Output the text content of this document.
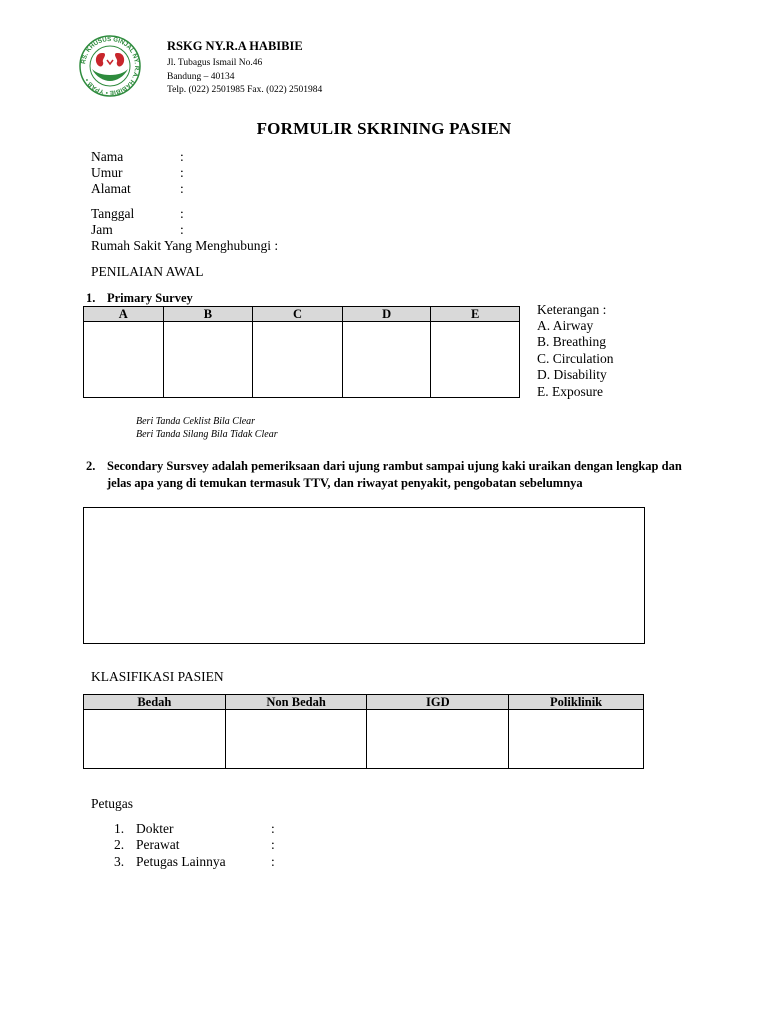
RS. KHUSUS GINJAL NY. R.A. HABIBIE • YPAB •
RSKG NY.R.A HABIBIE
Jl. Tubagus Ismail No.46
Bandung – 40134
Telp. (022) 2501985 Fax. (022) 2501984
FORMULIR SKRINING PASIEN
Nama	:
Umur	:
Alamat	:
Tanggal	:
Jam	:
Rumah Sakit Yang Menghubungi :
PENILAIAN AWAL
1. Primary Survey
A	B	C	D	E
					Keterangan :
A. Airway
B. Breathing
C. Circulation
D. Disability
E. Exposure
Beri Tanda Ceklist Bila Clear
Beri Tanda Silang Bila Tidak Clear
2. Secondary Sursvey adalah pemeriksaan dari ujung rambut sampai ujung kaki uraikan dengan lengkap dan jelas apa yang di temukan termasuk TTV, dan riwayat penyakit, pengobatan sebelumnya
KLASIFIKASI PASIEN
Bedah	Non Bedah	IGD	Poliklinik

Petugas
1. Dokter	:
2. Perawat	:
3. Petugas Lainnya	:
